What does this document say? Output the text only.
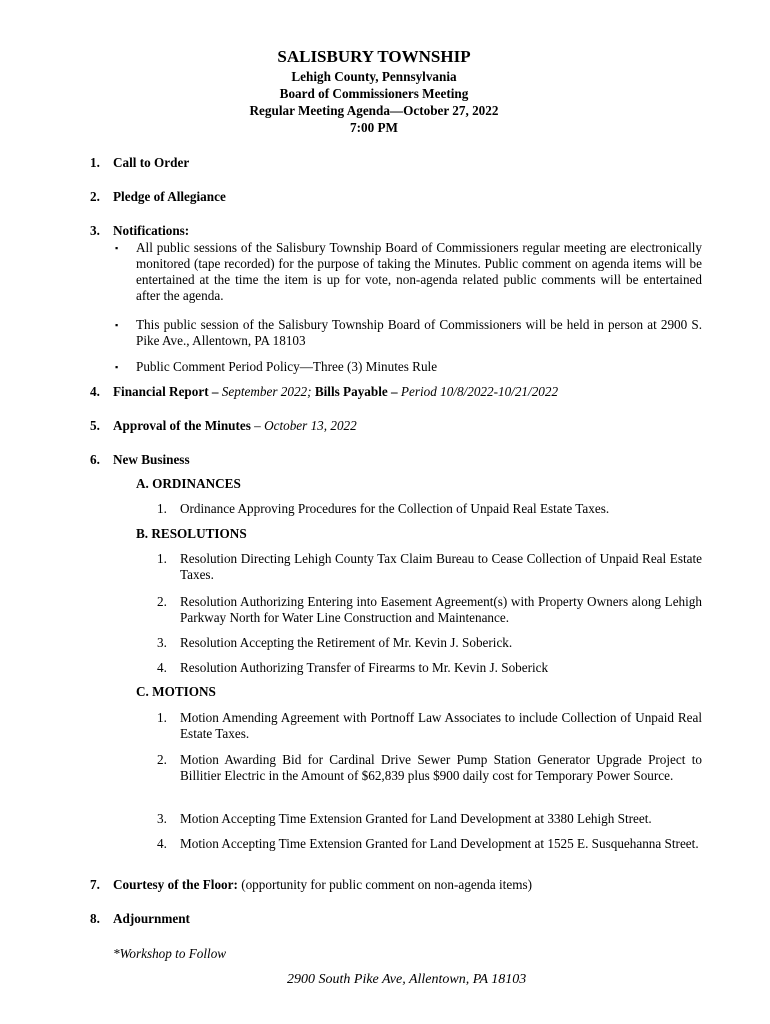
SALISBURY TOWNSHIP
Lehigh County, Pennsylvania
Board of Commissioners Meeting
Regular Meeting Agenda—October 27, 2022
7:00 PM
1. Call to Order
2. Pledge of Allegiance
3. Notifications:
▪ All public sessions of the Salisbury Township Board of Commissioners regular meeting are electronically monitored (tape recorded) for the purpose of taking the Minutes. Public comment on agenda items will be entertained at the time the item is up for vote, non-agenda related public comments will be entertained after the agenda.
▪ This public session of the Salisbury Township Board of Commissioners will be held in person at 2900 S. Pike Ave., Allentown, PA 18103
▪ Public Comment Period Policy—Three (3) Minutes Rule
4. Financial Report – September 2022; Bills Payable – Period 10/8/2022-10/21/2022
5. Approval of the Minutes – October 13, 2022
6. New Business
A. ORDINANCES
1. Ordinance Approving Procedures for the Collection of Unpaid Real Estate Taxes.
B. RESOLUTIONS
1. Resolution Directing Lehigh County Tax Claim Bureau to Cease Collection of Unpaid Real Estate Taxes.
2. Resolution Authorizing Entering into Easement Agreement(s) with Property Owners along Lehigh Parkway North for Water Line Construction and Maintenance.
3. Resolution Accepting the Retirement of Mr. Kevin J. Soberick.
4. Resolution Authorizing Transfer of Firearms to Mr. Kevin J. Soberick
C. MOTIONS
1. Motion Amending Agreement with Portnoff Law Associates to include Collection of Unpaid Real Estate Taxes.
2. Motion Awarding Bid for Cardinal Drive Sewer Pump Station Generator Upgrade Project to Billitier Electric in the Amount of $62,839 plus $900 daily cost for Temporary Power Source.
3. Motion Accepting Time Extension Granted for Land Development at 3380 Lehigh Street.
4. Motion Accepting Time Extension Granted for Land Development at 1525 E. Susquehanna Street.
7. Courtesy of the Floor: (opportunity for public comment on non-agenda items)
8. Adjournment
*Workshop to Follow
2900 South Pike Ave, Allentown, PA 18103
